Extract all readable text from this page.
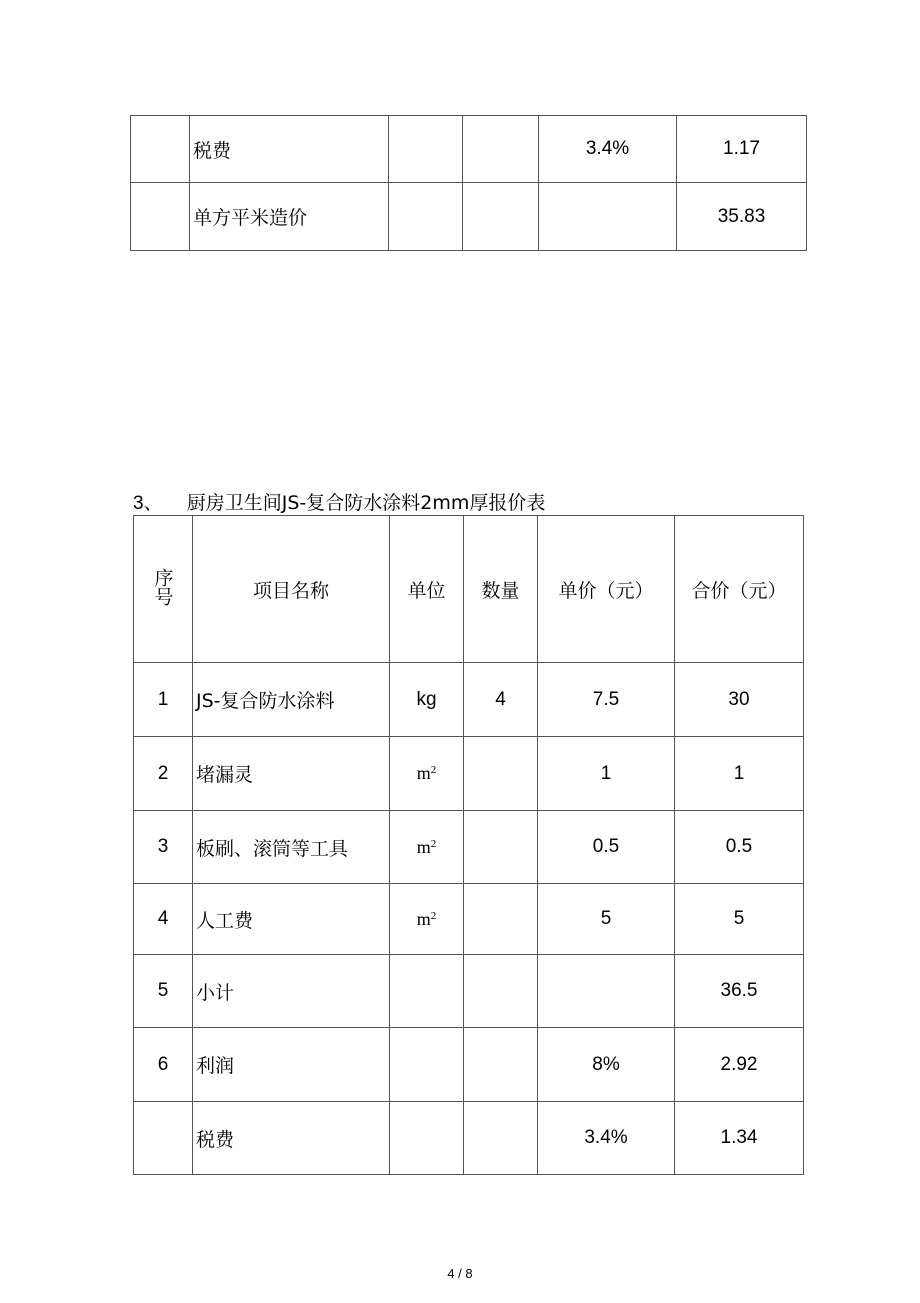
	税费			3.4%	1.17
	单方平米造价				35.83
3、 厨房卫生间JS-复合防水涂料2mm厚报价表
序号	项目名称	单位	数量	单价（元）	合价（元）
1	JS-复合防水涂料	kg	4	7.5	30
2	堵漏灵	$m^2$		1	1
3	板刷、滚筒等工具	$m^2$		0.5	0.5
4	人工费	$m^2$		5	5
5	小计				36.5
6	利润			8%	2.92
	税费			3.4%	1.34
4 / 8
